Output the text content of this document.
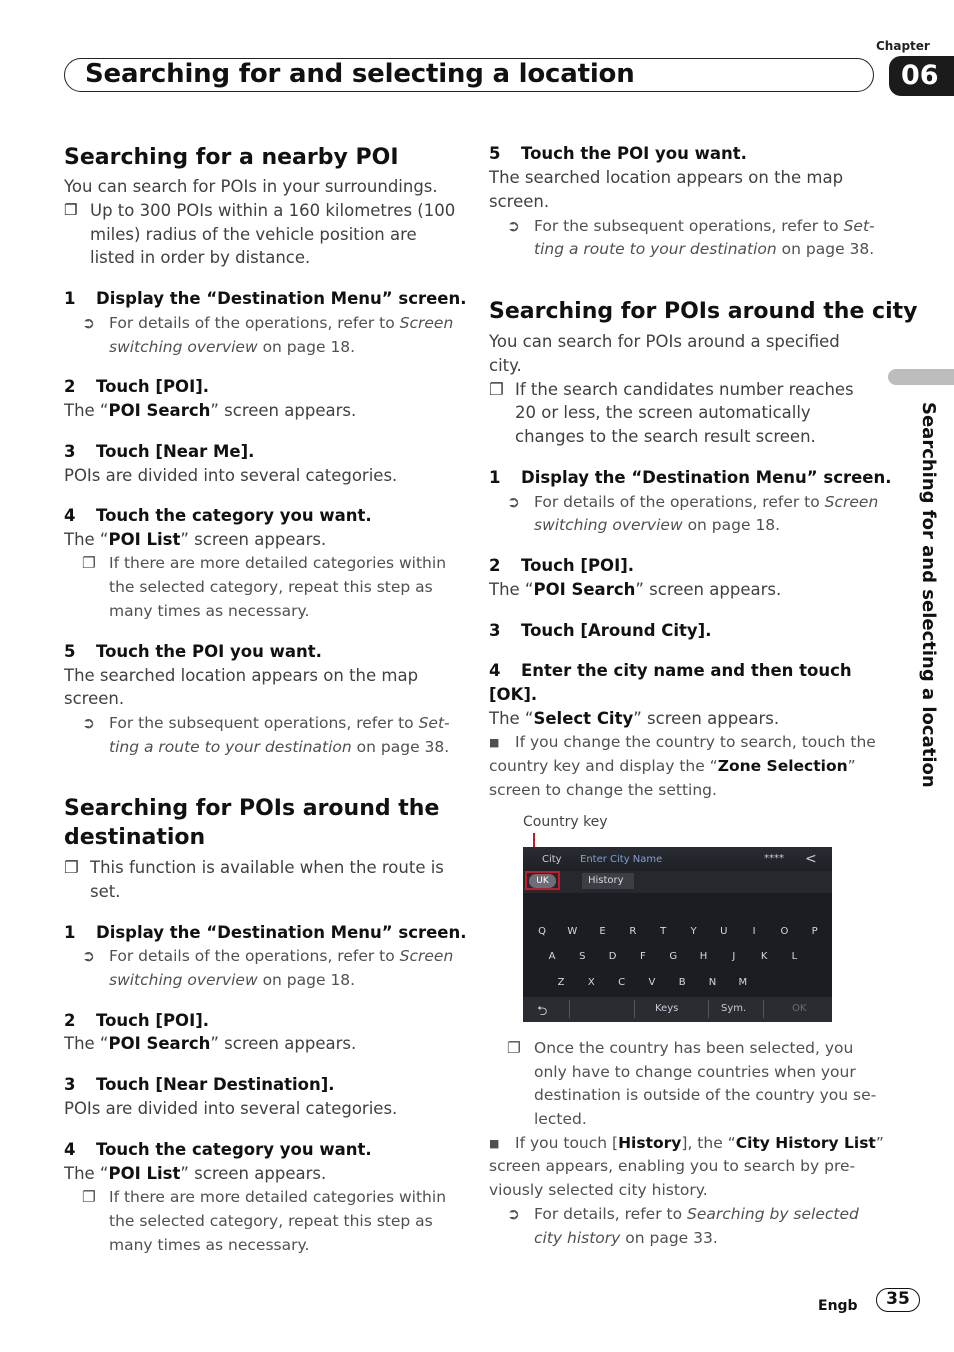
Chapter
06
Searching for and selecting a location
Searching for and selecting a location
Searching for a nearby POI
You can search for POIs in your surroundings.
❐ Up to 300 POIs within a 160 kilometres (100
miles) radius of the vehicle position are
listed in order by distance.
1 Display the “Destination Menu” screen.
➲ For details of the operations, refer to Screen
switching overview on page 18.
2 Touch [POI].
The “POI Search” screen appears.
3 Touch [Near Me].
POIs are divided into several categories.
4 Touch the category you want.
The “POI List” screen appears.
❐ If there are more detailed categories within
the selected category, repeat this step as
many times as necessary.
5 Touch the POI you want.
The searched location appears on the map
screen.
➲ For the subsequent operations, refer to Set-
ting a route to your destination on page 38.
Searching for POIs around the
destination
❐ This function is available when the route is
set.
1 Display the “Destination Menu” screen.
➲ For details of the operations, refer to Screen
switching overview on page 18.
2 Touch [POI].
The “POI Search” screen appears.
3 Touch [Near Destination].
POIs are divided into several categories.
4 Touch the category you want.
The “POI List” screen appears.
❐ If there are more detailed categories within
the selected category, repeat this step as
many times as necessary.
5 Touch the POI you want.
The searched location appears on the map
screen.
➲ For the subsequent operations, refer to Set-
ting a route to your destination on page 38.
Searching for POIs around the city
You can search for POIs around a specified
city.
❐ If the search candidates number reaches
20 or less, the screen automatically
changes to the search result screen.
1 Display the “Destination Menu” screen.
➲ For details of the operations, refer to Screen
switching overview on page 18.
2 Touch [POI].
The “POI Search” screen appears.
3 Touch [Around City].
4 Enter the city name and then touch
[OK].
The “Select City” screen appears.
■ If you change the country to search, touch the
country key and display the “Zone Selection”
screen to change the setting.
❐ Once the country has been selected, you
only have to change countries when your
destination is outside of the country you se-
lected.
■ If you touch [History], the “City History List”
screen appears, enabling you to search by pre-
viously selected city history.
➲ For details, refer to Searching by selected
city history on page 33.
Country key
City Enter City Name	**** <
UK	History
Q	W	E	R	T	Y	U	I	O	P
A	S	D	F	G	H	J	K	L
Z	X	C	V	B	N	M
⮌	Keys	Sym.	OK
Engb	35
